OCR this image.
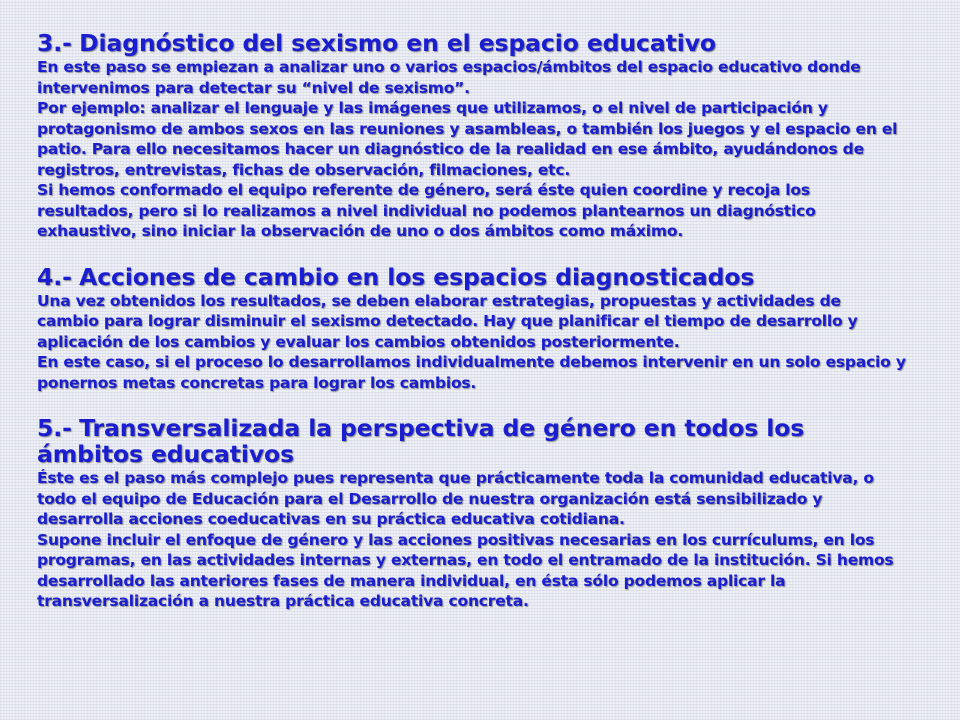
3.- Diagnóstico del sexismo en el espacio educativo

En este paso se empiezan a analizar uno o varios espacios/ámbitos del espacio educativo donde intervenimos para detectar su “nivel de sexismo”.

Por ejemplo: analizar el lenguaje y las imágenes que utilizamos, o el nivel de participación y protagonismo de ambos sexos en las reuniones y asambleas, o también los juegos y el espacio en el patio. Para ello necesitamos hacer un diagnóstico de la realidad en ese ámbito, ayudándonos de registros, entrevistas, fichas de observación, filmaciones, etc.

Si hemos conformado el equipo referente de género, será éste quien coordine y recoja los resultados, pero si lo realizamos a nivel individual no podemos plantearnos un diagnóstico exhaustivo, sino iniciar la observación de uno o dos ámbitos como máximo.

4.- Acciones de cambio en los espacios diagnosticados

Una vez obtenidos los resultados, se deben elaborar estrategias, propuestas y actividades de cambio para lograr disminuir el sexismo detectado. Hay que planificar el tiempo de desarrollo y aplicación de los cambios y evaluar los cambios obtenidos posteriormente.

En este caso, si el proceso lo desarrollamos individualmente debemos intervenir en un solo espacio y ponernos metas concretas para lograr los cambios.

5.- Transversalizada la perspectiva de género en todos los ámbitos educativos

Éste es el paso más complejo pues representa que prácticamente toda la comunidad educativa, o todo el equipo de Educación para el Desarrollo de nuestra organización está sensibilizado y desarrolla acciones coeducativas en su práctica educativa cotidiana.

Supone incluir el enfoque de género y las acciones positivas necesarias en los currículums, en los programas, en las actividades internas y externas, en todo el entramado de la institución. Si hemos desarrollado las anteriores fases de manera individual, en ésta sólo podemos aplicar la transversalización a nuestra práctica educativa concreta.
